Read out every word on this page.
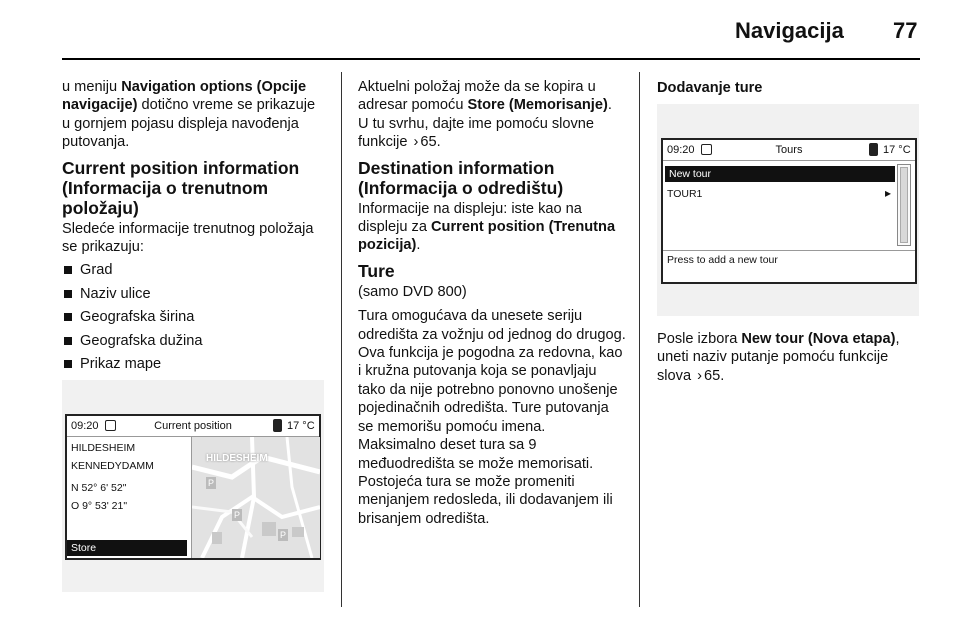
Navigacija 77

u meniju Navigation options (Opcije navigacije) dotično vreme se prikazuje u gornjem pojasu displeja navođenja putovanja.

Current position information (Informacija o trenutnom položaju)

Sledeće informacije trenutnog položaja se prikazuju:

Grad
Naziv ulice
Geografska širina
Geografska dužina
Prikaz mape
09:20	Current position	17 °C
HILDESHEIM
KENNEDYDAMM
N 52° 6' 52"
O 9° 53' 21"
Store
HILDESHEIM
P
P
P

Aktuelni položaj može da se kopira u adresar pomoću Store (Memorisanje). U tu svrhu, dajte ime pomoću slovne funkcije › 65.

Destination information (Informacija o odredištu)

Informacije na displeju: iste kao na displeju za Current position (Trenutna pozicija).

Ture

(samo DVD 800)

Tura omogućava da unesete seriju odredišta za vožnju od jednog do drugog. Ova funkcija je pogodna za redovna, kao i kružna putovanja koja se ponavljaju tako da nije potrebno ponovno unošenje pojedinačnih odredišta. Ture putovanja se memorišu pomoću imena. Maksimalno deset tura sa 9 međuodredišta se može memorisati. Postojeća tura se može promeniti menjanjem redosleda, ili dodavanjem ili brisanjem odredišta.

Dodavanje ture
09:20	Tours	17 °C
New tour
TOUR1	▸
Press to add a new tour

Posle izbora New tour (Nova etapa), uneti naziv putanje pomoću funkcije slova › 65.
